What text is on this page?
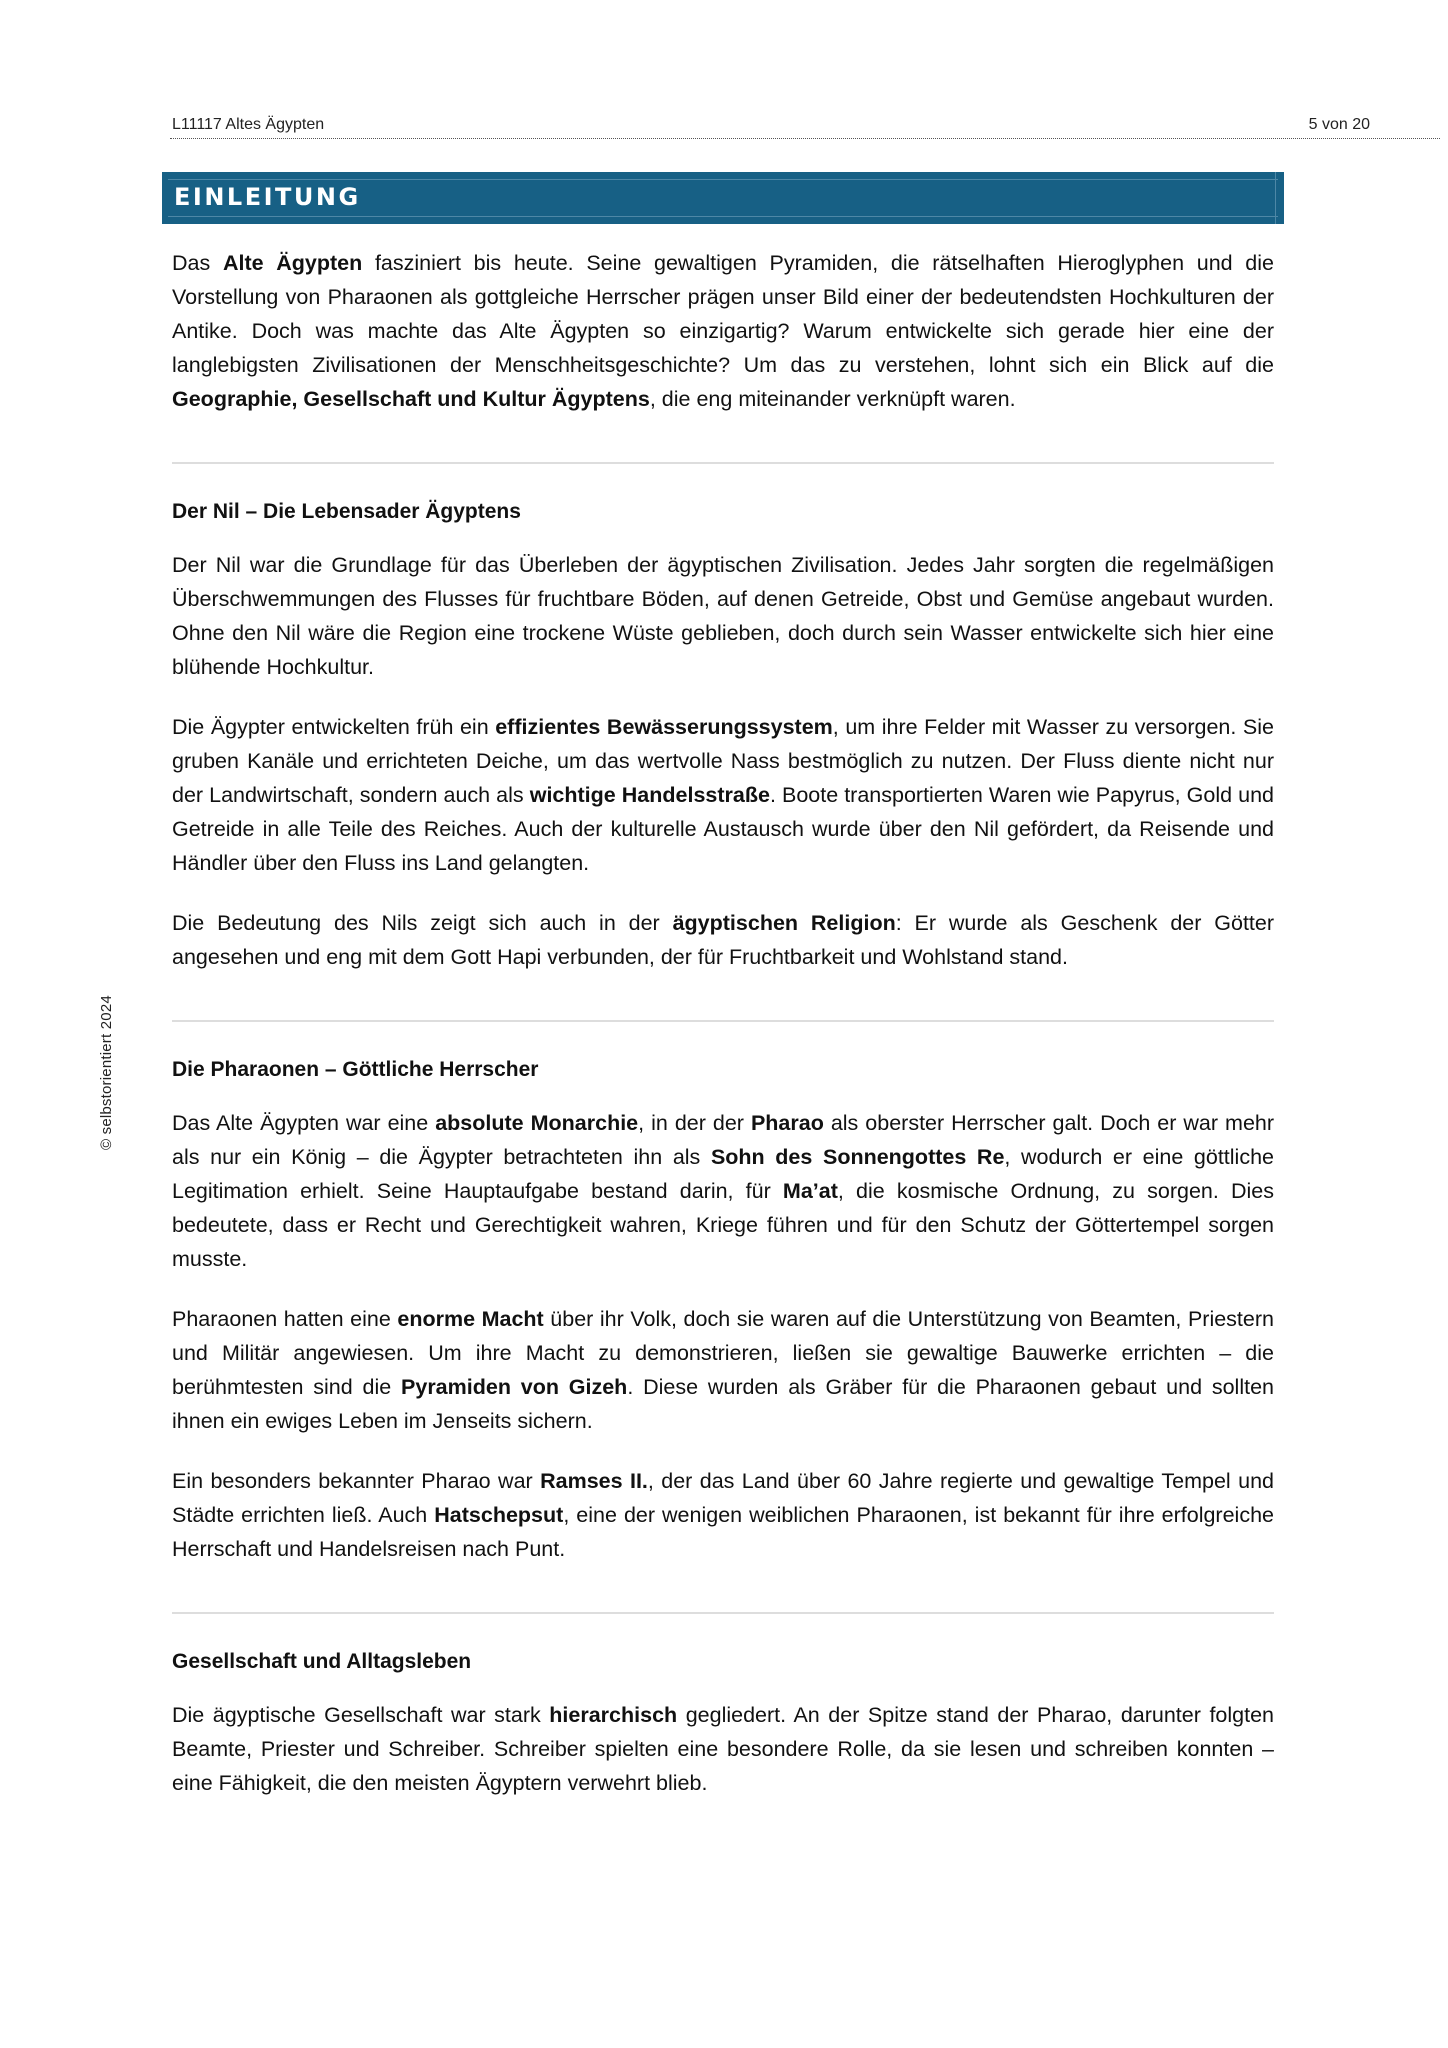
L11117 Altes Ägypten	5 von 20
© selbstorientiert 2024
EINLEITUNG

Das Alte Ägypten fasziniert bis heute. Seine gewaltigen Pyramiden, die rätselhaften Hieroglyphen und die Vorstellung von Pharaonen als gottgleiche Herrscher prägen unser Bild einer der bedeutendsten Hochkulturen der Antike. Doch was machte das Alte Ägypten so einzigartig? Warum entwickelte sich gerade hier eine der langlebigsten Zivilisationen der Menschheitsgeschichte? Um das zu verstehen, lohnt sich ein Blick auf die Geographie, Gesellschaft und Kultur Ägyptens, die eng miteinander verknüpft waren.

Der Nil – Die Lebensader Ägyptens

Der Nil war die Grundlage für das Überleben der ägyptischen Zivilisation. Jedes Jahr sorgten die regelmäßigen Überschwemmungen des Flusses für fruchtbare Böden, auf denen Getreide, Obst und Gemüse angebaut wurden. Ohne den Nil wäre die Region eine trockene Wüste geblieben, doch durch sein Wasser entwickelte sich hier eine blühende Hochkultur.

Die Ägypter entwickelten früh ein effizientes Bewässerungssystem, um ihre Felder mit Wasser zu versorgen. Sie gruben Kanäle und errichteten Deiche, um das wertvolle Nass bestmöglich zu nutzen. Der Fluss diente nicht nur der Landwirtschaft, sondern auch als wichtige Handelsstraße. Boote transportierten Waren wie Papyrus, Gold und Getreide in alle Teile des Reiches. Auch der kulturelle Austausch wurde über den Nil gefördert, da Reisende und Händler über den Fluss ins Land gelangten.

Die Bedeutung des Nils zeigt sich auch in der ägyptischen Religion: Er wurde als Geschenk der Götter angesehen und eng mit dem Gott Hapi verbunden, der für Fruchtbarkeit und Wohlstand stand.

Die Pharaonen – Göttliche Herrscher

Das Alte Ägypten war eine absolute Monarchie, in der der Pharao als oberster Herrscher galt. Doch er war mehr als nur ein König – die Ägypter betrachteten ihn als Sohn des Sonnengottes Re, wodurch er eine göttliche Legitimation erhielt. Seine Hauptaufgabe bestand darin, für Ma’at, die kosmische Ordnung, zu sorgen. Dies bedeutete, dass er Recht und Gerechtigkeit wahren, Kriege führen und für den Schutz der Göttertempel sorgen musste.

Pharaonen hatten eine enorme Macht über ihr Volk, doch sie waren auf die Unterstützung von Beamten, Priestern und Militär angewiesen. Um ihre Macht zu demonstrieren, ließen sie gewaltige Bauwerke errichten – die berühmtesten sind die Pyramiden von Gizeh. Diese wurden als Gräber für die Pharaonen gebaut und sollten ihnen ein ewiges Leben im Jenseits sichern.

Ein besonders bekannter Pharao war Ramses II., der das Land über 60 Jahre regierte und gewaltige Tempel und Städte errichten ließ. Auch Hatschepsut, eine der wenigen weiblichen Pharaonen, ist bekannt für ihre erfolgreiche Herrschaft und Handelsreisen nach Punt.

Gesellschaft und Alltagsleben

Die ägyptische Gesellschaft war stark hierarchisch gegliedert. An der Spitze stand der Pharao, darunter folgten Beamte, Priester und Schreiber. Schreiber spielten eine besondere Rolle, da sie lesen und schreiben konnten – eine Fähigkeit, die den meisten Ägyptern verwehrt blieb.
